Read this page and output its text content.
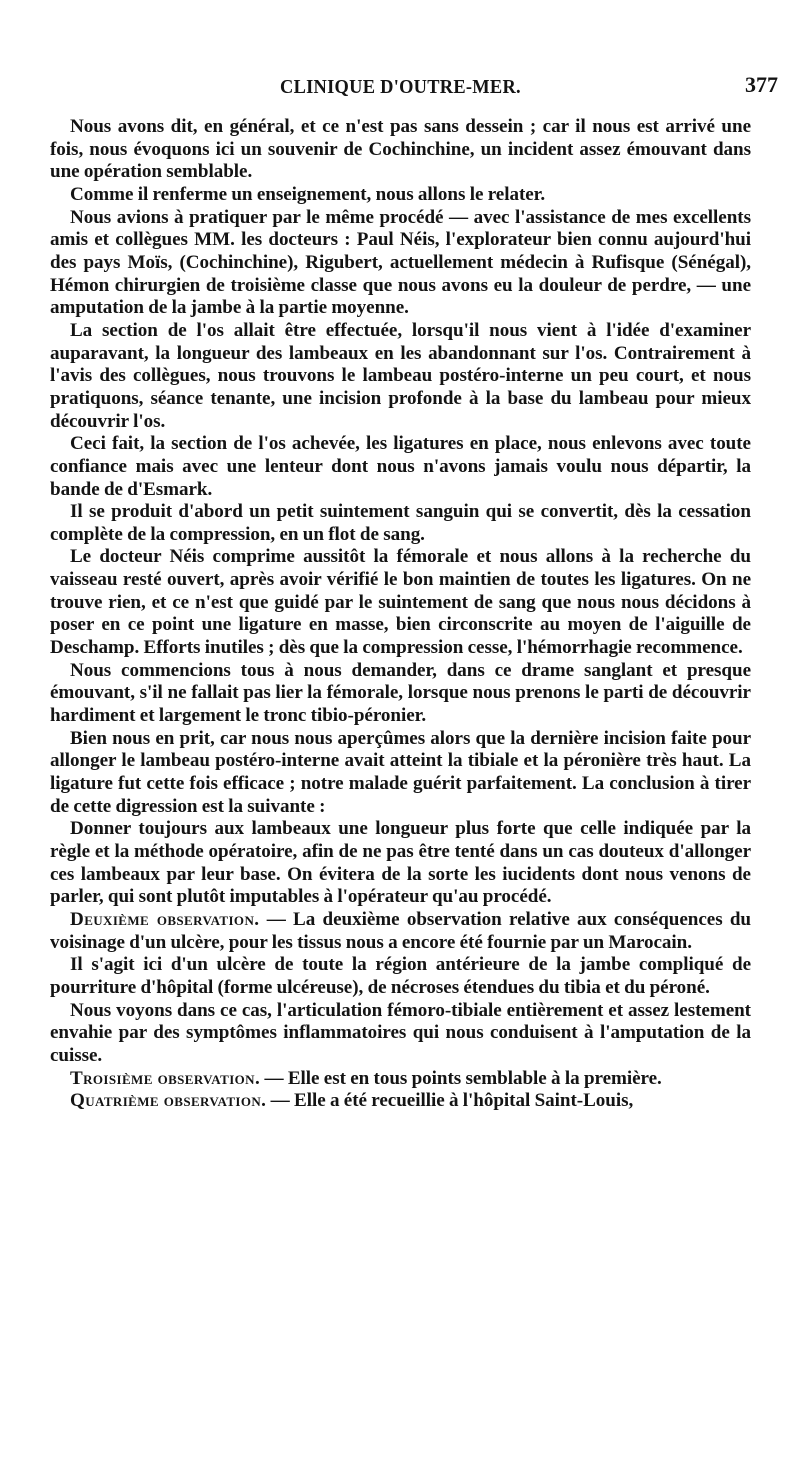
CLINIQUE D'OUTRE-MER.	377

Nous avons dit, en général, et ce n'est pas sans dessein ; car il nous est arrivé une fois, nous évoquons ici un souvenir de Cochinchine, un incident assez émouvant dans une opération semblable.

Comme il renferme un enseignement, nous allons le relater.

Nous avions à pratiquer par le même procédé — avec l'assistance de mes excellents amis et collègues MM. les docteurs : Paul Néis, l'explorateur bien connu aujourd'hui des pays Moïs, (Cochinchine), Rigubert, actuellement médecin à Rufisque (Sénégal), Hémon chirurgien de troisième classe que nous avons eu la douleur de perdre, — une amputation de la jambe à la partie moyenne.

La section de l'os allait être effectuée, lorsqu'il nous vient à l'idée d'examiner auparavant, la longueur des lambeaux en les abandonnant sur l'os. Contrairement à l'avis des collègues, nous trouvons le lambeau postéro-interne un peu court, et nous pratiquons, séance tenante, une incision profonde à la base du lambeau pour mieux découvrir l'os.

Ceci fait, la section de l'os achevée, les ligatures en place, nous enlevons avec toute confiance mais avec une lenteur dont nous n'avons jamais voulu nous départir, la bande de d'Esmark.

Il se produit d'abord un petit suintement sanguin qui se convertit, dès la cessation complète de la compression, en un flot de sang.

Le docteur Néis comprime aussitôt la fémorale et nous allons à la recherche du vaisseau resté ouvert, après avoir vérifié le bon maintien de toutes les ligatures. On ne trouve rien, et ce n'est que guidé par le suintement de sang que nous nous décidons à poser en ce point une ligature en masse, bien circonscrite au moyen de l'aiguille de Deschamp. Efforts inutiles ; dès que la compression cesse, l'hémorrhagie recommence.

Nous commencions tous à nous demander, dans ce drame sanglant et presque émouvant, s'il ne fallait pas lier la fémorale, lorsque nous prenons le parti de découvrir hardiment et largement le tronc tibio-péronier.

Bien nous en prit, car nous nous aperçûmes alors que la dernière incision faite pour allonger le lambeau postéro-interne avait atteint la tibiale et la péronière très haut. La ligature fut cette fois efficace ; notre malade guérit parfaitement. La conclusion à tirer de cette digression est la suivante :

Donner toujours aux lambeaux une longueur plus forte que celle indiquée par la règle et la méthode opératoire, afin de ne pas être tenté dans un cas douteux d'allonger ces lambeaux par leur base. On évitera de la sorte les iucidents dont nous venons de parler, qui sont plutôt imputables à l'opérateur qu'au procédé.

Deuxième observation. — La deuxième observation relative aux conséquences du voisinage d'un ulcère, pour les tissus nous a encore été fournie par un Marocain.

Il s'agit ici d'un ulcère de toute la région antérieure de la jambe compliqué de pourriture d'hôpital (forme ulcéreuse), de nécroses étendues du tibia et du péroné.

Nous voyons dans ce cas, l'articulation fémoro-tibiale entièrement et assez lestement envahie par des symptômes inflammatoires qui nous conduisent à l'amputation de la cuisse.

Troisième observation. — Elle est en tous points semblable à la première.

Quatrième observation. — Elle a été recueillie à l'hôpital Saint-Louis,
